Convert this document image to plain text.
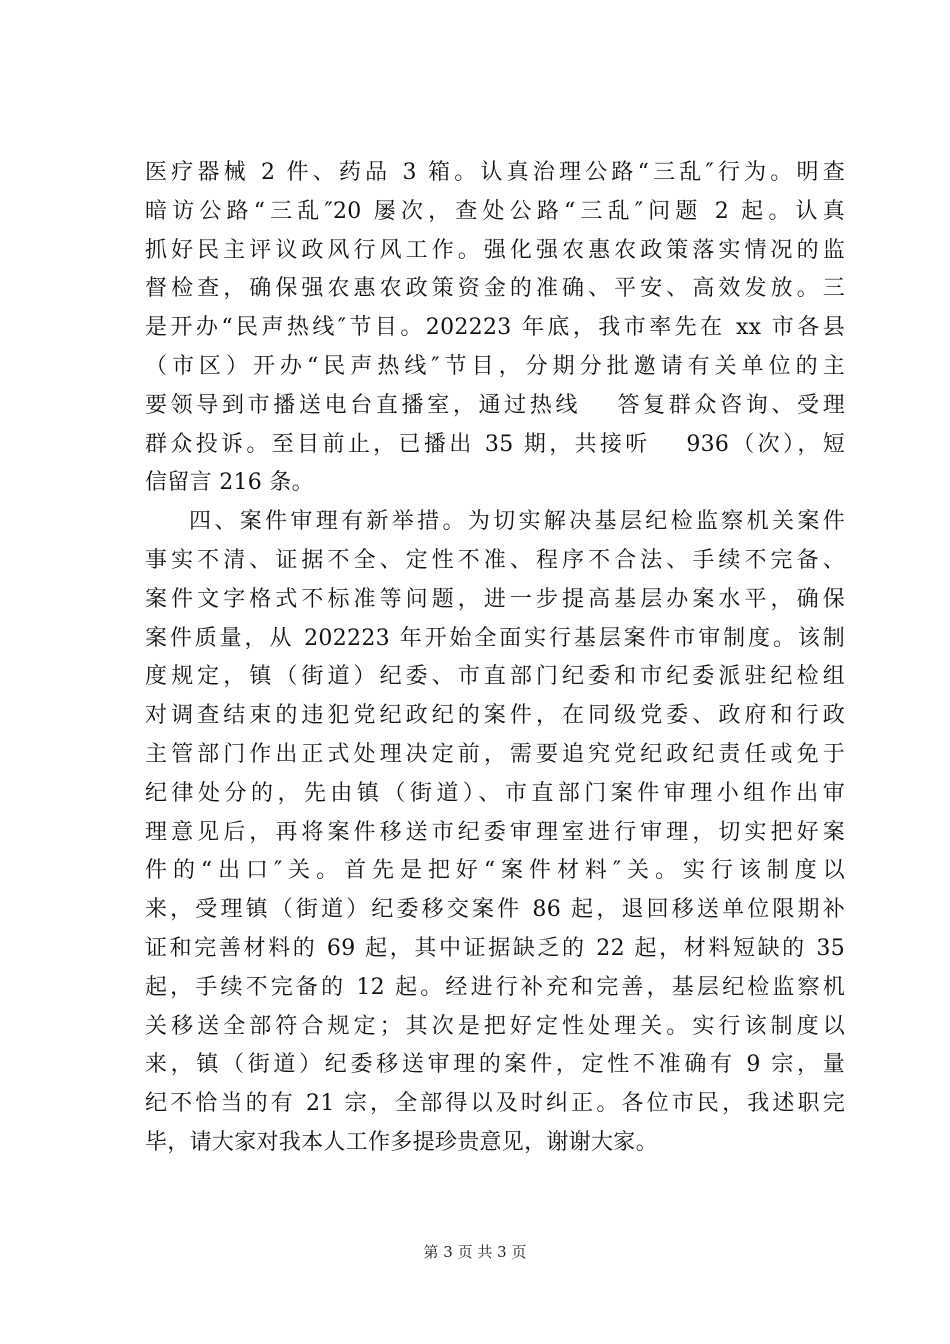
医疗器械 2 件、药品 3 箱。认真治理公路“三乱″行为。明查
暗访公路“三乱″20 屡次，查处公路“三乱″问题 2 起。认真
抓好民主评议政风行风工作。强化强农惠农政策落实情况的监
督检查，确保强农惠农政策资金的准确、平安、高效发放。三
是开办“民声热线″节目。202223 年底，我市率先在 xx 市各县
（市区）开办“民声热线″节目，分期分批邀请有关单位的主
要领导到市播送电台直播室，通过热线　 答复群众咨询、受理
群众投诉。至目前止，已播出 35 期，共接听　 936（次），短
信留言 216 条。
四、案件审理有新举措。为切实解决基层纪检监察机关案件
事实不清、证据不全、定性不准、程序不合法、手续不完备、
案件文字格式不标准等问题，进一步提高基层办案水平，确保
案件质量，从 202223 年开始全面实行基层案件市审制度。该制
度规定，镇（街道）纪委、市直部门纪委和市纪委派驻纪检组
对调查结束的违犯党纪政纪的案件，在同级党委、政府和行政
主管部门作出正式处理决定前，需要追究党纪政纪责任或免于
纪律处分的，先由镇（街道）、市直部门案件审理小组作出审
理意见后，再将案件移送市纪委审理室进行审理，切实把好案
件的“出口″关。首先是把好“案件材料″关。实行该制度以
来，受理镇（街道）纪委移交案件 86 起，退回移送单位限期补
证和完善材料的 69 起，其中证据缺乏的 22 起，材料短缺的 35
起，手续不完备的 12 起。经进行补充和完善，基层纪检监察机
关移送全部符合规定；其次是把好定性处理关。实行该制度以
来，镇（街道）纪委移送审理的案件，定性不准确有 9 宗，量
纪不恰当的有 21 宗，全部得以及时纠正。各位市民，我述职完
毕，请大家对我本人工作多提珍贵意见，谢谢大家。
第 3 页 共 3 页
